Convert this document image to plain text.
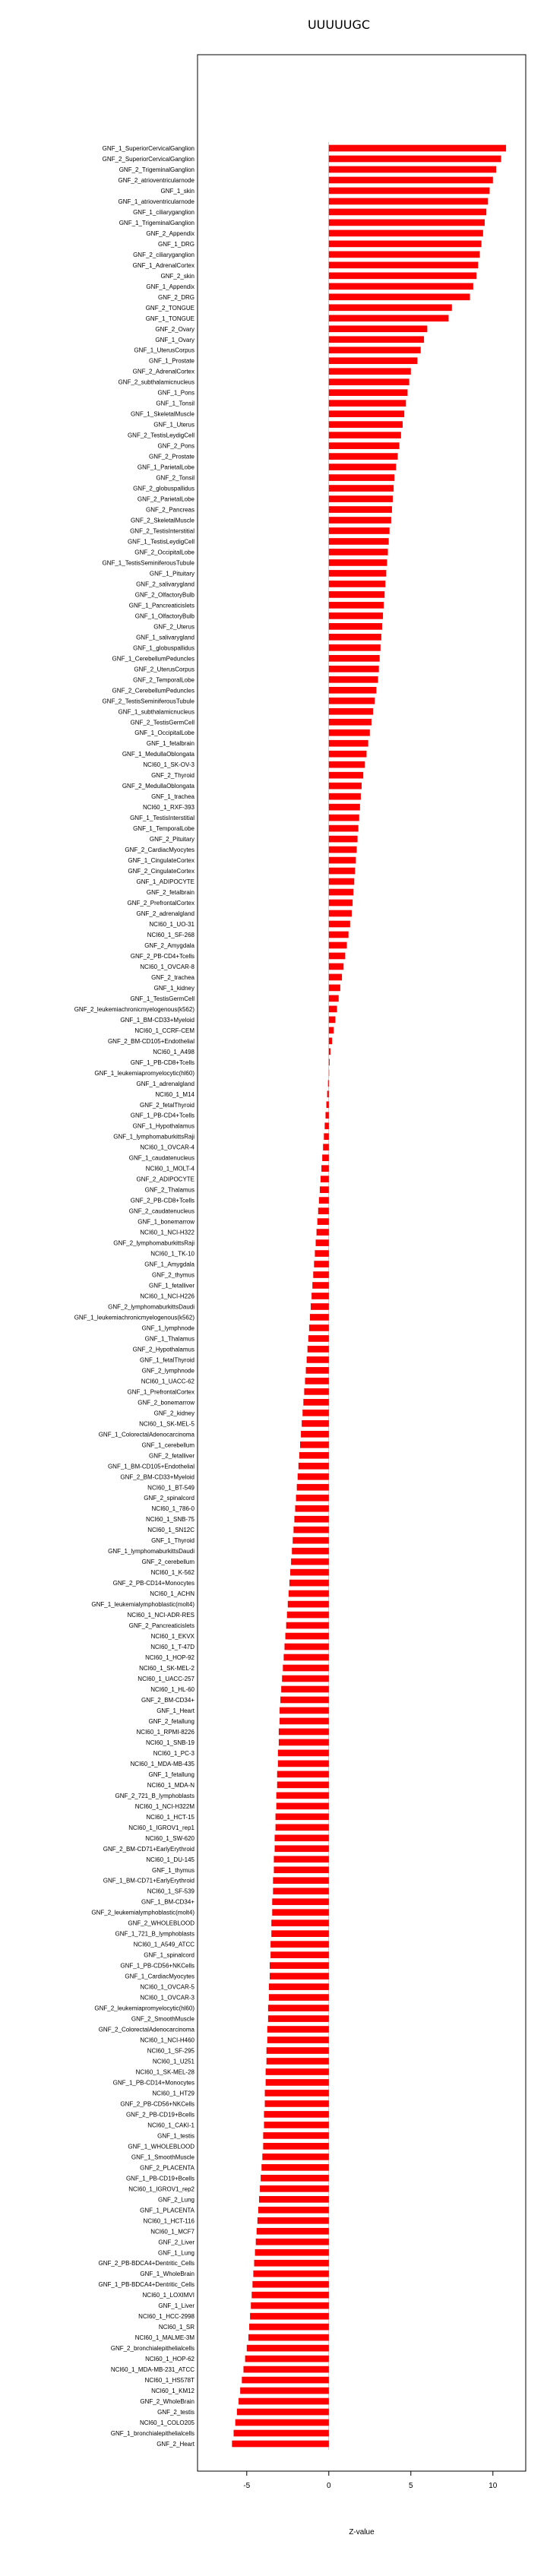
UUUUUGC
GNF_1_SuperiorCervicalGanglion
GNF_2_SuperiorCervicalGanglion
GNF_2_TrigeminalGanglion
GNF_2_atrioventricularnode
GNF_1_skin
GNF_1_atrioventricularnode
GNF_1_ciliaryganglion
GNF_1_TrigeminalGanglion
GNF_2_Appendix
GNF_1_DRG
GNF_2_ciliaryganglion
GNF_1_AdrenalCortex
GNF_2_skin
GNF_1_Appendix
GNF_2_DRG
GNF_2_TONGUE
GNF_1_TONGUE
GNF_2_Ovary
GNF_1_Ovary
GNF_1_UterusCorpus
GNF_1_Prostate
GNF_2_AdrenalCortex
GNF_2_subthalamicnucleus
GNF_1_Pons
GNF_1_Tonsil
GNF_1_SkeletalMuscle
GNF_1_Uterus
GNF_2_TestisLeydigCell
GNF_2_Pons
GNF_2_Prostate
GNF_1_ParietalLobe
GNF_2_Tonsil
GNF_2_globuspallidus
GNF_2_ParietalLobe
GNF_2_Pancreas
GNF_2_SkeletalMuscle
GNF_2_TestisInterstitial
GNF_1_TestisLeydigCell
GNF_2_OccipitalLobe
GNF_1_TestisSeminiferousTubule
GNF_1_Pituitary
GNF_2_salivarygland
GNF_2_OlfactoryBulb
GNF_1_Pancreaticislets
GNF_1_OlfactoryBulb
GNF_2_Uterus
GNF_1_salivarygland
GNF_1_globuspallidus
GNF_1_CerebellumPeduncles
GNF_2_UterusCorpus
GNF_2_TemporalLobe
GNF_2_CerebellumPeduncles
GNF_2_TestisSeminiferousTubule
GNF_1_subthalamicnucleus
GNF_2_TestisGermCell
GNF_1_OccipitalLobe
GNF_1_fetalbrain
GNF_1_MedullaOblongata
NCI60_1_SK-OV-3
GNF_2_Thyroid
GNF_2_MedullaOblongata
GNF_1_trachea
NCI60_1_RXF-393
GNF_1_TestisInterstitial
GNF_1_TemporalLobe
GNF_2_Pituitary
GNF_2_CardiacMyocytes
GNF_1_CingulateCortex
GNF_2_CingulateCortex
GNF_1_ADIPOCYTE
GNF_2_fetalbrain
GNF_2_PrefrontalCortex
GNF_2_adrenalgland
NCI60_1_UO-31
NCI60_1_SF-268
GNF_2_Amygdala
GNF_2_PB-CD4+Tcells
NCI60_1_OVCAR-8
GNF_2_trachea
GNF_1_kidney
GNF_1_TestisGermCell
GNF_2_leukemiachronicmyelogenous(k562)
GNF_1_BM-CD33+Myeloid
NCI60_1_CCRF-CEM
GNF_2_BM-CD105+Endothelial
NCI60_1_A498
GNF_1_PB-CD8+Tcells
GNF_1_leukemiapromyelocytic(hl60)
GNF_1_adrenalgland
NCI60_1_M14
GNF_2_fetalThyroid
GNF_1_PB-CD4+Tcells
GNF_1_Hypothalamus
GNF_1_lymphomaburkittsRaji
NCI60_1_OVCAR-4
GNF_1_caudatenucleus
NCI60_1_MOLT-4
GNF_2_ADIPOCYTE
GNF_2_Thalamus
GNF_2_PB-CD8+Tcells
GNF_2_caudatenucleus
GNF_1_bonemarrow
NCI60_1_NCI-H322
GNF_2_lymphomaburkittsRaji
NCI60_1_TK-10
GNF_1_Amygdala
GNF_2_thymus
GNF_1_fetalliver
NCI60_1_NCI-H226
GNF_2_lymphomaburkittsDaudi
GNF_1_leukemiachronicmyelogenous(k562)
GNF_1_lymphnode
GNF_1_Thalamus
GNF_2_Hypothalamus
GNF_1_fetalThyroid
GNF_2_lymphnode
NCI60_1_UACC-62
GNF_1_PrefrontalCortex
GNF_2_bonemarrow
GNF_2_kidney
NCI60_1_SK-MEL-5
GNF_1_ColorectalAdenocarcinoma
GNF_1_cerebellum
GNF_2_fetalliver
GNF_1_BM-CD105+Endothelial
GNF_2_BM-CD33+Myeloid
NCI60_1_BT-549
GNF_2_spinalcord
NCI60_1_786-0
NCI60_1_SNB-75
NCI60_1_SN12C
GNF_1_Thyroid
GNF_1_lymphomaburkittsDaudi
GNF_2_cerebellum
NCI60_1_K-562
GNF_2_PB-CD14+Monocytes
NCI60_1_ACHN
GNF_1_leukemialymphoblastic(molt4)
NCI60_1_NCI-ADR-RES
GNF_2_Pancreaticislets
NCI60_1_EKVX
NCI60_1_T-47D
NCI60_1_HOP-92
NCI60_1_SK-MEL-2
NCI60_1_UACC-257
NCI60_1_HL-60
GNF_2_BM-CD34+
GNF_1_Heart
GNF_2_fetallung
NCI60_1_RPMI-8226
NCI60_1_SNB-19
NCI60_1_PC-3
NCI60_1_MDA-MB-435
GNF_1_fetallung
NCI60_1_MDA-N
GNF_2_721_B_lymphoblasts
NCI60_1_NCI-H322M
NCI60_1_HCT-15
NCI60_1_IGROV1_rep1
NCI60_1_SW-620
GNF_2_BM-CD71+EarlyErythroid
NCI60_1_DU-145
GNF_1_thymus
GNF_1_BM-CD71+EarlyErythroid
NCI60_1_SF-539
GNF_1_BM-CD34+
GNF_2_leukemialymphoblastic(molt4)
GNF_2_WHOLEBLOOD
GNF_1_721_B_lymphoblasts
NCI60_1_A549_ATCC
GNF_1_spinalcord
GNF_1_PB-CD56+NKCells
GNF_1_CardiacMyocytes
NCI60_1_OVCAR-5
NCI60_1_OVCAR-3
GNF_2_leukemiapromyelocytic(hl60)
GNF_2_SmoothMuscle
GNF_2_ColorectalAdenocarcinoma
NCI60_1_NCI-H460
NCI60_1_SF-295
NCI60_1_U251
NCI60_1_SK-MEL-28
GNF_1_PB-CD14+Monocytes
NCI60_1_HT29
GNF_2_PB-CD56+NKCells
GNF_2_PB-CD19+Bcells
NCI60_1_CAKI-1
GNF_1_testis
GNF_1_WHOLEBLOOD
GNF_1_SmoothMuscle
GNF_2_PLACENTA
GNF_1_PB-CD19+Bcells
NCI60_1_IGROV1_rep2
GNF_2_Lung
GNF_1_PLACENTA
NCI60_1_HCT-116
NCI60_1_MCF7
GNF_2_Liver
GNF_1_Lung
GNF_2_PB-BDCA4+Dentritic_Cells
GNF_1_WholeBrain
GNF_1_PB-BDCA4+Dentritic_Cells
NCI60_1_LOXIMVI
GNF_1_Liver
NCI60_1_HCC-2998
NCI60_1_SR
NCI60_1_MALME-3M
GNF_2_bronchialepithelialcells
NCI60_1_HOP-62
NCI60_1_MDA-MB-231_ATCC
NCI60_1_HS578T
NCI60_1_KM12
GNF_2_WholeBrain
GNF_2_testis
NCI60_1_COLO205
GNF_1_bronchialepithelialcells
GNF_2_Heart
-5	0	5	10
Z-value
